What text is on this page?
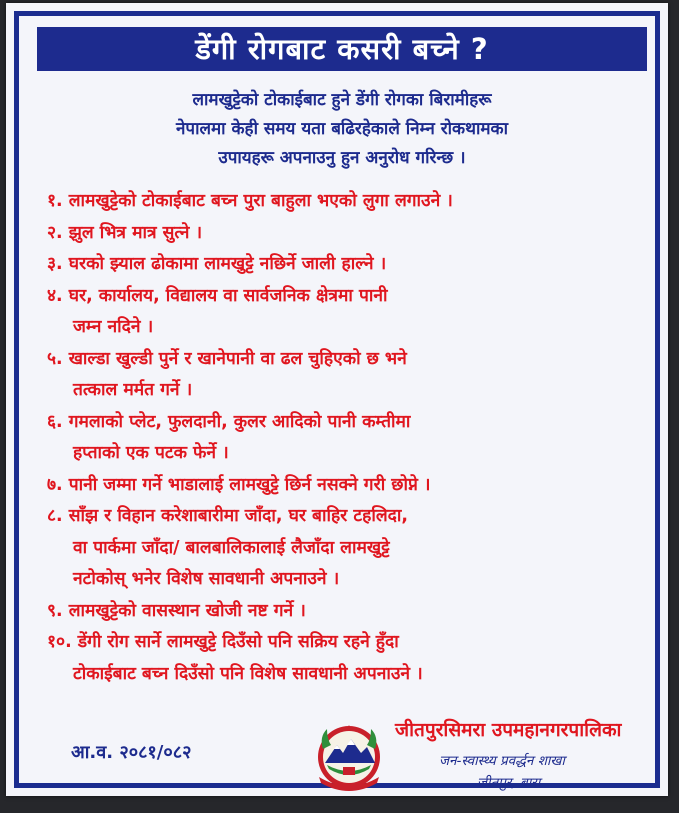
डेंगी रोगबाट कसरी बच्ने ?
लामखुट्टेको टोकाईबाट हुने डेंगी रोगका बिरामीहरू
नेपालमा केही समय यता बढिरहेकाले निम्न रोकथामका
उपायहरू अपनाउनु हुन अनुरोध गरिन्छ ।
१. लामखुट्टेको टोकाईबाट बच्न पुरा बाहुला भएको लुगा लगाउने ।
२. झुल भित्र मात्र सुत्ने ।
३. घरको झ्याल ढोकामा लामखुट्टे नछिर्ने जाली हाल्ने ।
४. घर, कार्यालय, विद्यालय वा सार्वजनिक क्षेत्रमा पानी
जम्न नदिने ।
५. खाल्डा खुल्डी पुर्ने र खानेपानी वा ढल चुहिएको छ भने
तत्काल मर्मत गर्ने ।
६. गमलाको प्लेट, फुलदानी, कुलर आदिको पानी कम्तीमा
हप्ताको एक पटक फेर्ने ।
७. पानी जम्मा गर्ने भाडालाई लामखुट्टे छिर्न नसक्ने गरी छोप्ने ।
८. साँझ र विहान करेशाबारीमा जाँदा, घर बाहिर टहलिदा,
वा पार्कमा जाँदा/ बालबालिकालाई लैजाँदा लामखुट्टे
नटोकोस् भनेर विशेष सावधानी अपनाउने ।
९. लामखुट्टेको वासस्थान खोजी नष्ट गर्ने ।
१०. डेंगी रोग सार्ने लामखुट्टे दिउँसो पनि सक्रिय रहने हुँदा
टोकाईबाट बच्न दिउँसो पनि विशेष सावधानी अपनाउने ।
आ.व. २०८१/०८२
जीतपुरसिमरा उपमहानगरपालिका
जन-स्वास्थ्य प्रवर्द्धन शाखा
जीतपुर, बारा
